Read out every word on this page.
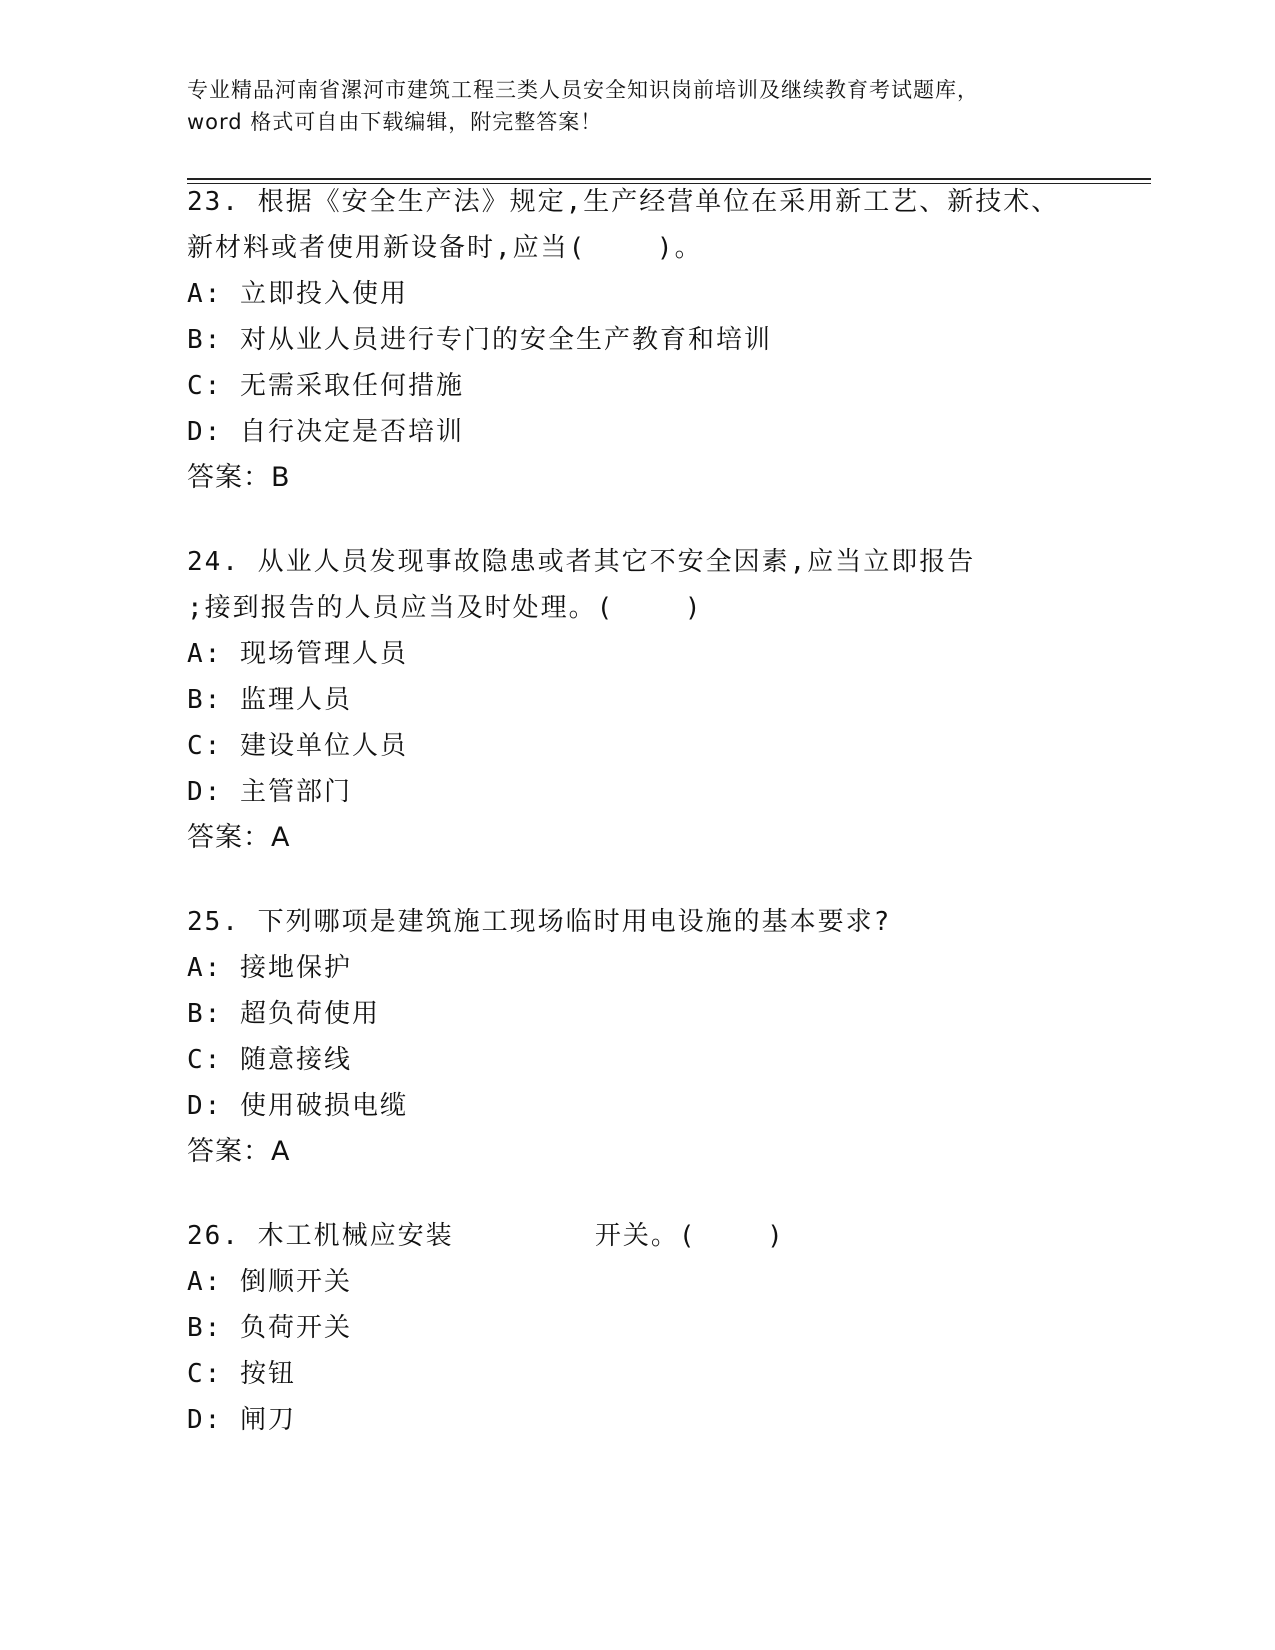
专业精品河南省漯河市建筑工程三类人员安全知识岗前培训及继续教育考试题库，
word 格式可自由下载编辑，附完整答案！
23. 根据《安全生产法》规定,生产经营单位在采用新工艺、新技术、
新材料或者使用新设备时,应当(    )。
A: 立即投入使用
B: 对从业人员进行专门的安全生产教育和培训
C: 无需采取任何措施
D: 自行决定是否培训
答案：B
24. 从业人员发现事故隐患或者其它不安全因素,应当立即报告
;接到报告的人员应当及时处理。(    )
A: 现场管理人员
B: 监理人员
C: 建设单位人员
D: 主管部门
答案：A
25. 下列哪项是建筑施工现场临时用电设施的基本要求?
A: 接地保护
B: 超负荷使用
C: 随意接线
D: 使用破损电缆
答案：A
26. 木工机械应安装        开关。(    )
A: 倒顺开关
B: 负荷开关
C: 按钮
D: 闸刀
